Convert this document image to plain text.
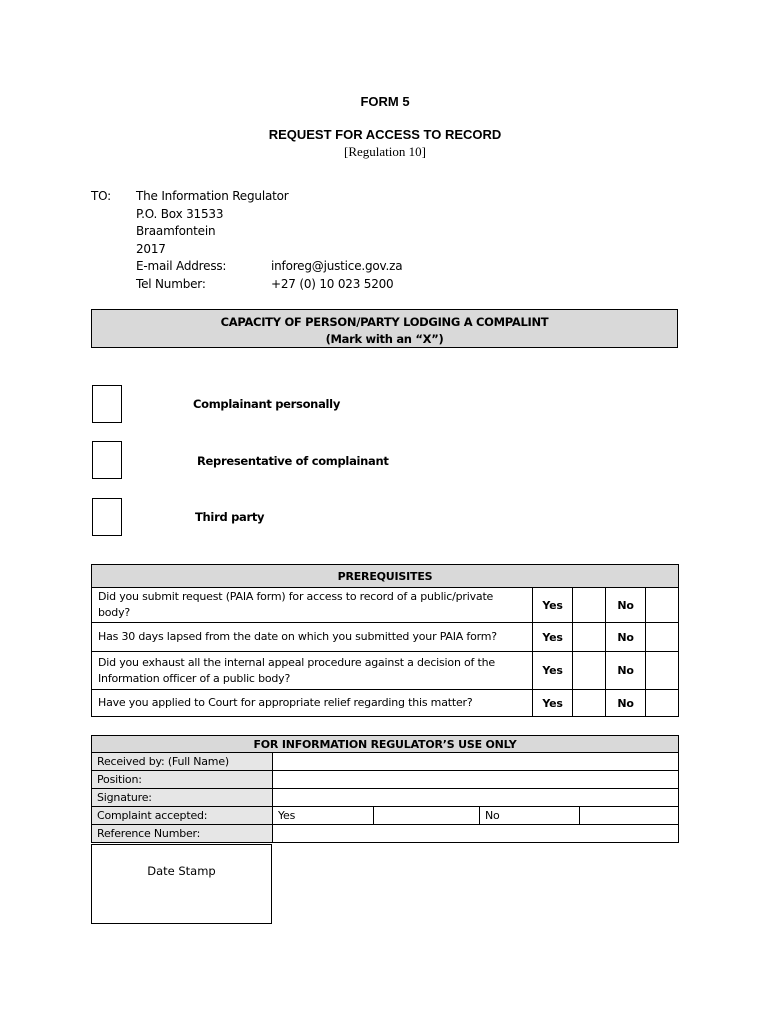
FORM 5
REQUEST FOR ACCESS TO RECORD
[Regulation 10]
TO: The Information Regulator
P.O. Box 31533
Braamfontein
2017
E-mail Address:	inforeg@justice.gov.za
Tel Number:	+27 (0) 10 023 5200
CAPACITY OF PERSON/PARTY LODGING A COMPALINT
(Mark with an “X”)
Complainant personally
Representative of complainant
Third party
PREREQUISITES				
Did you submit request (PAIA form) for access to record of a public/private body?	Yes		No	
Has 30 days lapsed from the date on which you submitted your PAIA form?	Yes		No	
Did you exhaust all the internal appeal procedure against a decision of the Information officer of a public body?	Yes		No	
Have you applied to Court for appropriate relief regarding this matter?	Yes		No	
FOR INFORMATION REGULATOR’S USE ONLY				
Received by: (Full Name)				
Position:				
Signature:				
Complaint accepted:	Yes		No	
Reference Number:				
Date Stamp
